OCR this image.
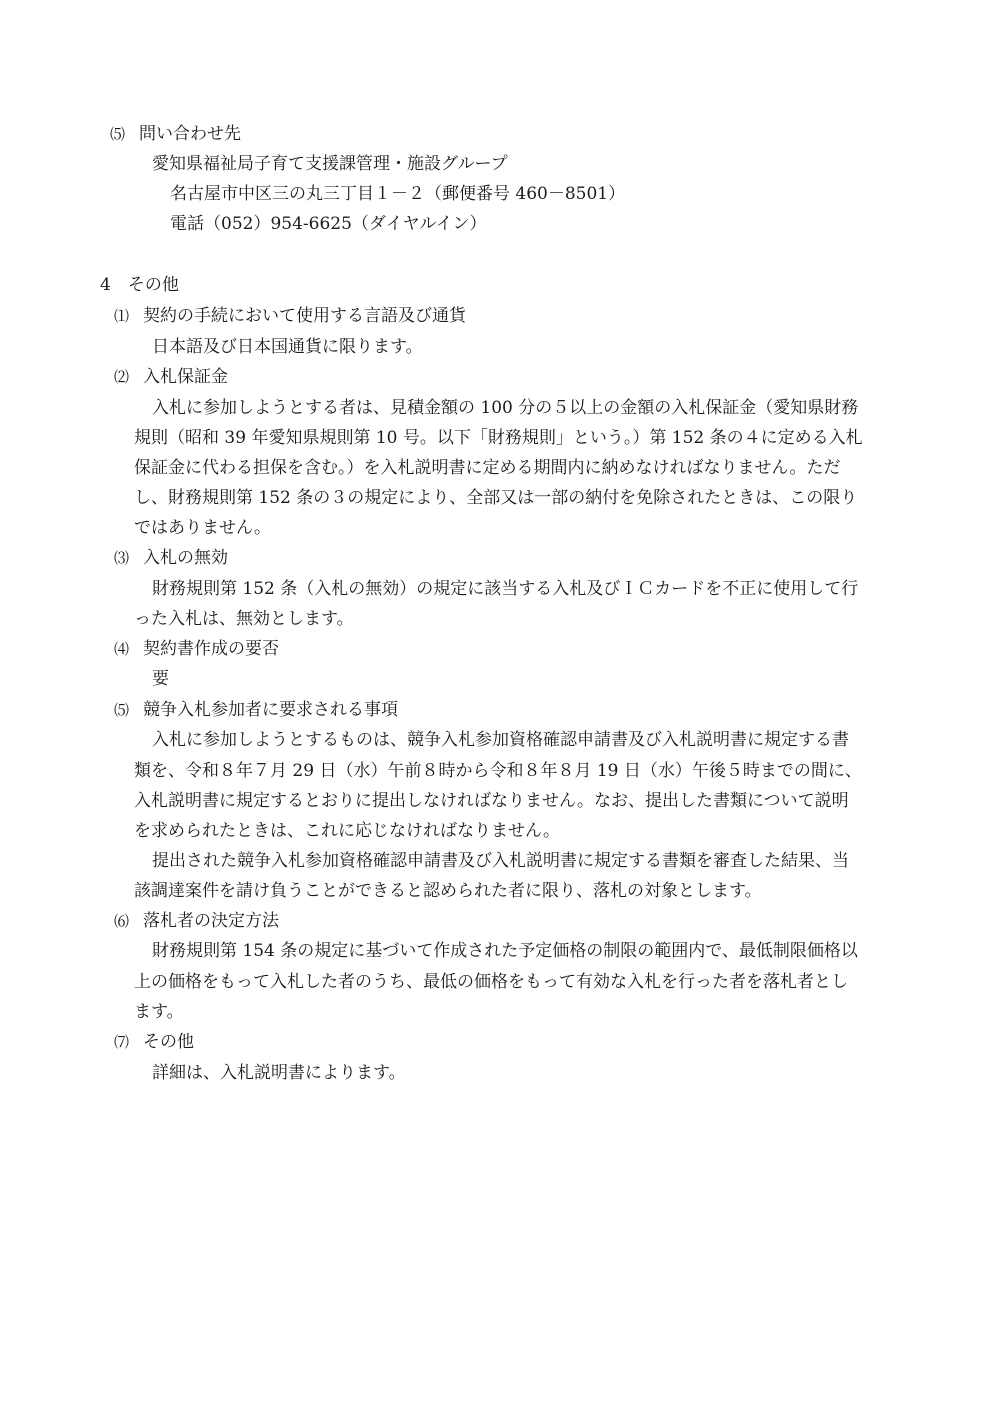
⑸ 問い合わせ先
愛知県福祉局子育て支援課管理・施設グループ
名古屋市中区三の丸三丁目１－２（郵便番号 460－8501）
電話（052）954-6625（ダイヤルイン）
4　その他
⑴ 契約の手続において使用する言語及び通貨
日本語及び日本国通貨に限ります。
⑵ 入札保証金
入札に参加しようとする者は、見積金額の 100 分の５以上の金額の入札保証金（愛知県財務
規則（昭和 39 年愛知県規則第 10 号。以下「財務規則」という。）第 152 条の４に定める入札
保証金に代わる担保を含む。）を入札説明書に定める期間内に納めなければなりません。ただ
し、財務規則第 152 条の３の規定により、全部又は一部の納付を免除されたときは、この限り
ではありません。
⑶ 入札の無効
財務規則第 152 条（入札の無効）の規定に該当する入札及びＩＣカードを不正に使用して行
った入札は、無効とします。
⑷ 契約書作成の要否
要
⑸ 競争入札参加者に要求される事項
入札に参加しようとするものは、競争入札参加資格確認申請書及び入札説明書に規定する書
類を、令和８年７月 29 日（水）午前８時から令和８年８月 19 日（水）午後５時までの間に、
入札説明書に規定するとおりに提出しなければなりません。なお、提出した書類について説明
を求められたときは、これに応じなければなりません。
提出された競争入札参加資格確認申請書及び入札説明書に規定する書類を審査した結果、当
該調達案件を請け負うことができると認められた者に限り、落札の対象とします。
⑹ 落札者の決定方法
財務規則第 154 条の規定に基づいて作成された予定価格の制限の範囲内で、最低制限価格以
上の価格をもって入札した者のうち、最低の価格をもって有効な入札を行った者を落札者とし
ます。
⑺ その他
詳細は、入札説明書によります。
